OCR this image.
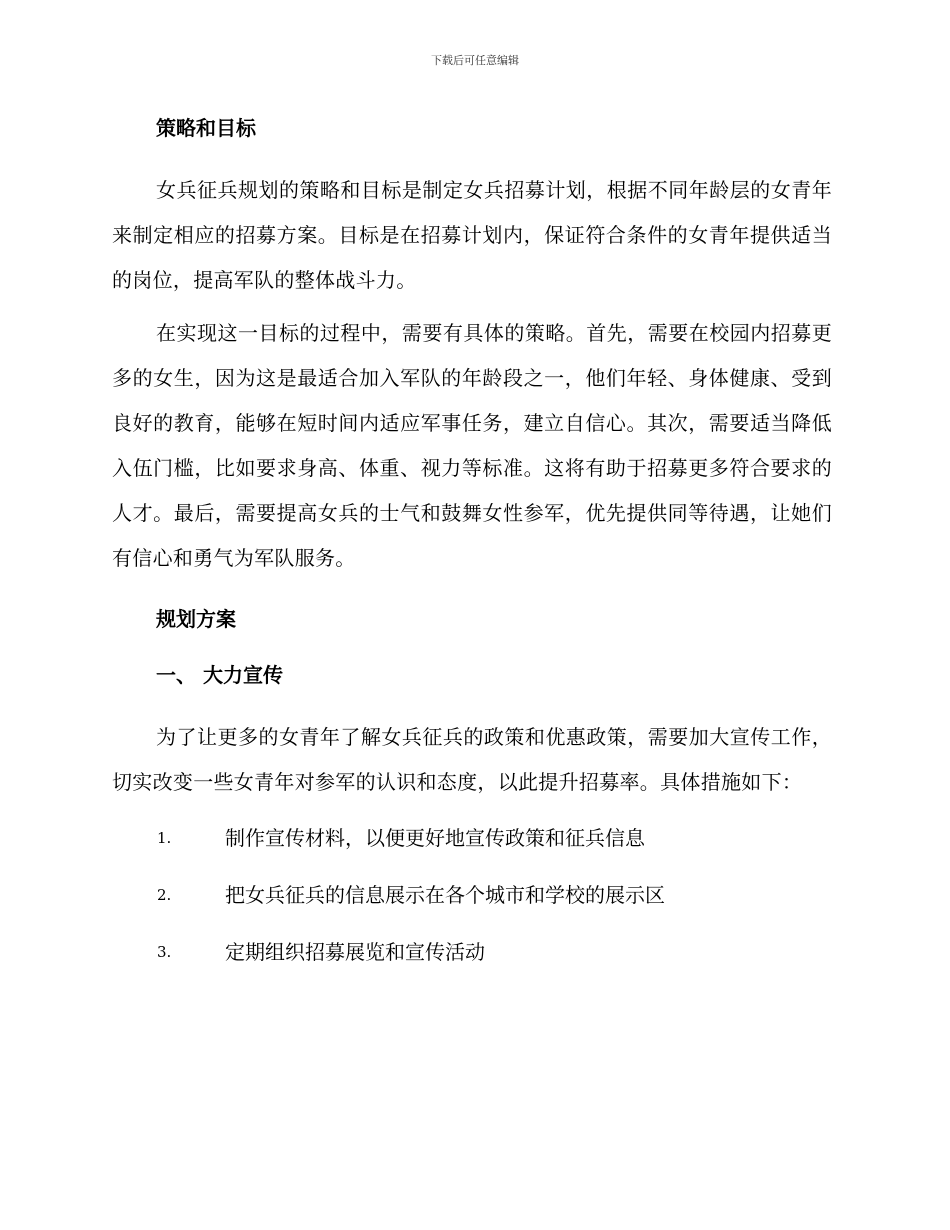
下载后可任意编辑
策略和目标

女兵征兵规划的策略和目标是制定女兵招募计划，根据不同年龄层的女青年来制定相应的招募方案。目标是在招募计划内，保证符合条件的女青年提供适当的岗位，提高军队的整体战斗力。

在实现这一目标的过程中，需要有具体的策略。首先，需要在校园内招募更多的女生，因为这是最适合加入军队的年龄段之一，他们年轻、身体健康、受到良好的教育，能够在短时间内适应军事任务，建立自信心。其次，需要适当降低入伍门槛，比如要求身高、体重、视力等标准。这将有助于招募更多符合要求的人才。最后，需要提高女兵的士气和鼓舞女性参军，优先提供同等待遇，让她们有信心和勇气为军队服务。

规划方案
一、 大力宣传

为了让更多的女青年了解女兵征兵的政策和优惠政策，需要加大宣传工作，切实改变一些女青年对参军的认识和态度，以此提升招募率。具体措施如下：

1.	制作宣传材料，以便更好地宣传政策和征兵信息
2.	把女兵征兵的信息展示在各个城市和学校的展示区
3.	定期组织招募展览和宣传活动
